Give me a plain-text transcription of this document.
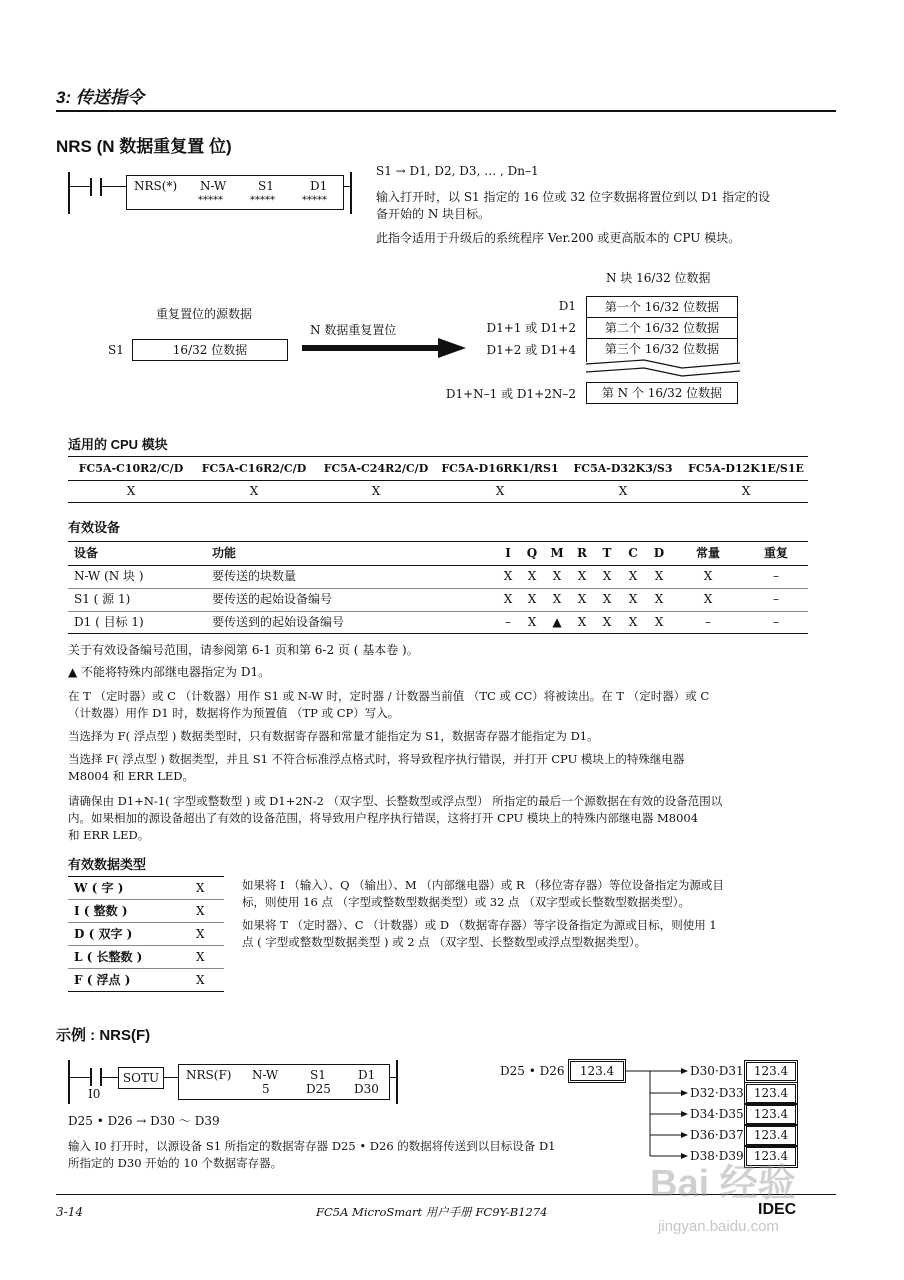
3: 传送指令
NRS (N 数据重复置 位)
NRS(*) N-W
*****
S1
*****
D1
*****
S1 → D1, D2, D3, … , Dn–1
输入打开时，以 S1 指定的 16 位或 32 位字数据将置位到以 D1 指定的设
备开始的 N 块目标。
此指令适用于升级后的系统程序 Ver.200 或更高版本的 CPU 模块。
重复置位的源数据
S1	16/32 位数据
N 数据重复置位
N 块 16/32 位数据
D1
D1+1 或 D1+2
D1+2 或 D1+4
D1+N–1 或 D1+2N–2
第一个 16/32 位数据
第二个 16/32 位数据
第三个 16/32 位数据
第 N 个 16/32 位数据
适用的 CPU 模块
FC5A-C10R2/C/D	FC5A-C16R2/C/D	FC5A-C24R2/C/D	FC5A-D16RK1/RS1	FC5A-D32K3/S3	FC5A-D12K1E/S1E
X	X	X	X	X	X
有效设备
设备	功能	I	Q	M	R	T	C	D	常量	重复
N-W (N 块 )	要传送的块数量	X	X	X	X	X	X	X	X	–
S1 ( 源 1)	要传送的起始设备编号	X	X	X	X	X	X	X	X	–
D1 ( 目标 1)	要传送到的起始设备编号	–	X	▲	X	X	X	X	–	–
关于有效设备编号范围，请参阅第 6-1 页和第 6-2 页 ( 基本卷 )。
▲ 不能将特殊内部继电器指定为 D1。
在 T （定时器）或 C （计数器）用作 S1 或 N-W 时，定时器 / 计数器当前值 （TC 或 CC）将被读出。在 T （定时器）或 C
（计数器）用作 D1 时，数据将作为预置值 （TP 或 CP）写入。
当选择为 F( 浮点型 ) 数据类型时，只有数据寄存器和常量才能指定为 S1，数据寄存器才能指定为 D1。
当选择 F( 浮点型 ) 数据类型，并且 S1 不符合标准浮点格式时，将导致程序执行错误，并打开 CPU 模块上的特殊继电器
M8004 和 ERR LED。
请确保由 D1+N-1( 字型或整数型 ) 或 D1+2N-2 （双字型、长整数型或浮点型） 所指定的最后一个源数据在有效的设备范围以
内。如果相加的源设备超出了有效的设备范围，将导致用户程序执行错误，这将打开 CPU 模块上的特殊内部继电器 M8004
和 ERR LED。
有效数据类型
W ( 字 )	X
I ( 整数 )	X
D ( 双字 )	X
L ( 长整数 )	X
F ( 浮点 )	X
如果将 I （输入）、Q （输出）、M （内部继电器）或 R （移位寄存器）等位设备指定为源或目
标，则使用 16 点 （字型或整数型数据类型）或 32 点 （双字型或长整数型数据类型）。
如果将 T （定时器）、C （计数器）或 D （数据寄存器）等字设备指定为源或目标，则使用 1
点 ( 字型或整数型数据类型 ) 或 2 点 （双字型、长整数型或浮点型数据类型）。
示例 : NRS(F)
I0
SOTU	NRS(F) N-W
5
S1
D25
D1
D30
D25 • D26 → D30 ～ D39
输入 I0 打开时，以源设备 S1 所指定的数据寄存器 D25 • D26 的数据将传送到以目标设备 D1
所指定的 D30 开始的 10 个数据寄存器。
D25 • D26	123.4	D30·D31 123.4
D32·D33 123.4
D34·D35 123.4
D36·D37 123.4
D38·D39 123.4
3-14	FC5A MicroSmart 用户手册 FC9Y-B1274	IDEC
Bai 经验
jingyan.baidu.com
